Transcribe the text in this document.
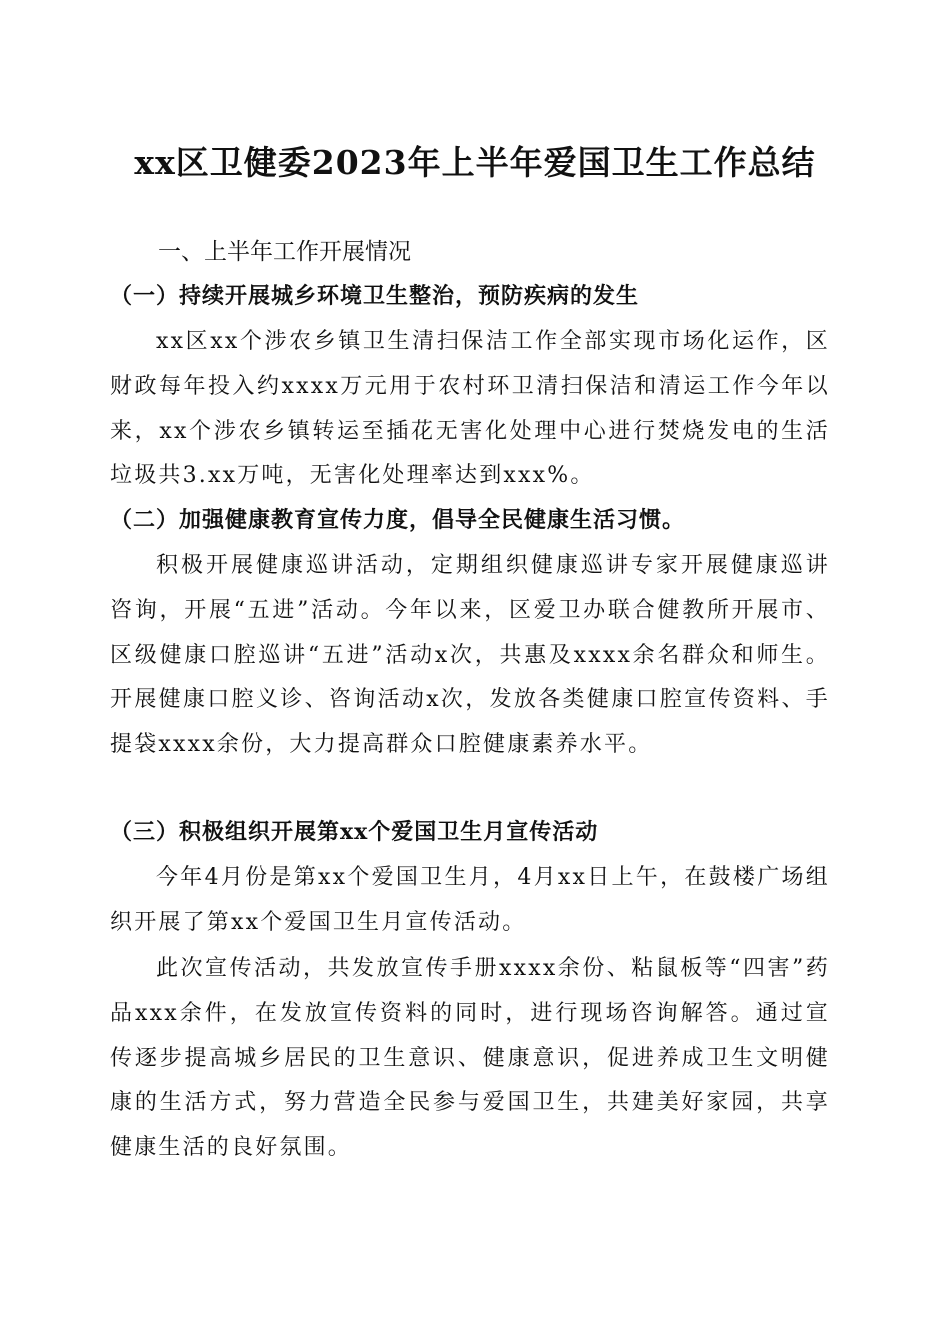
xx区卫健委2023年上半年爱国卫生工作总结
一、上半年工作开展情况
（一）持续开展城乡环境卫生整治，预防疾病的发生

xx区xx个涉农乡镇卫生清扫保洁工作全部实现市场化运作，区财政每年投入约xxxx万元用于农村环卫清扫保洁和清运工作今年以来，xx个涉农乡镇转运至插花无害化处理中心进行焚烧发电的生活垃圾共3.xx万吨，无害化处理率达到xxx%。

（二）加强健康教育宣传力度，倡导全民健康生活习惯。

积极开展健康巡讲活动，定期组织健康巡讲专家开展健康巡讲咨询，开展“五进”活动。今年以来，区爱卫办联合健教所开展市、区级健康口腔巡讲“五进”活动x次，共惠及xxxx余名群众和师生。开展健康口腔义诊、咨询活动x次，发放各类健康口腔宣传资料、手提袋xxxx余份，大力提高群众口腔健康素养水平。

（三）积极组织开展第xx个爱国卫生月宣传活动

今年4月份是第xx个爱国卫生月，4月xx日上午，在鼓楼广场组织开展了第xx个爱国卫生月宣传活动。

此次宣传活动，共发放宣传手册xxxx余份、粘鼠板等“四害”药品xxx余件，在发放宣传资料的同时，进行现场咨询解答。通过宣传逐步提高城乡居民的卫生意识、健康意识，促进养成卫生文明健康的生活方式，努力营造全民参与爱国卫生，共建美好家园，共享健康生活的良好氛围。
